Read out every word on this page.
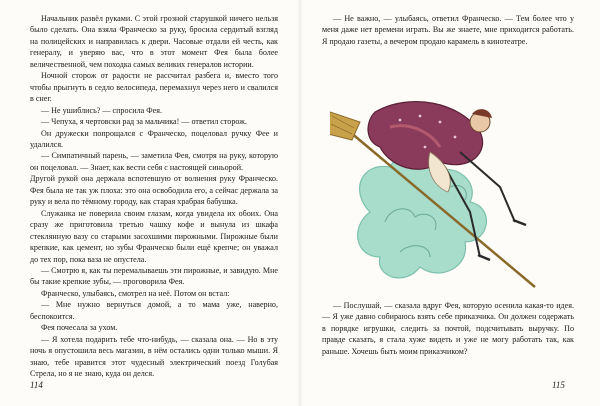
Начальник развёл руками. С этой грозной старушкой ничего нельзя было сделать. Она взяла Франческо за руку, бросила сердитый взгляд на полицейских и направилась к двери. Часовые отдали ей честь, как генералу, и уверяю вас, что в этот момент Фея была более величественной, чем походка самых великих генералов истории.

Ночной сторож от радости не рассчитал разбега и, вместо того чтобы прыгнуть в седло велосипеда, перемахнул через него и свалился в снег.

— Не ушиблись? — спросила Фея.

— Чепуха, я чертовски рад за мальчика! — ответил сторож.

Он дружески попрощался с Франческо, поцеловал ручку Фее и удалился.

— Симпатичный парень, — заметила Фея, смотря на руку, которую он поцеловал. — Знает, как вести себя с настоящей синьорой.

Другой рукой она держала вспотевшую от волнения руку Франческо. Фея была не так уж плоха: это она освободила его, а сейчас держала за руку и вела по тёмному городу, как старая храбрая бабушка.

Служанка не поверила своим глазам, когда увидела их обоих. Она сразу же приготовила третью чашку кофе и вынула из шкафа стеклянную вазу со старыми засохшими пирожными. Пирожные были крепкие, как цемент, но зубы Франческо были ещё крепче; он уважал до тех пор, пока ваза не опустела.

— Смотрю я, как ты перемалываешь эти пирожные, и завидую. Мне бы такие крепкие зубы, — проговорила Фея.

Франческо, улыбаясь, смотрел на неё. Потом он встал:

— Мне нужно вернуться домой, а то мама уже, наверно, беспокоится.

Фея почесала за ухом.

— Я хотела подарить тебе что-нибудь, — сказала она. — Но в эту ночь я опустошила весь магазин, в нём остались одни только мыши. Я знаю, тебе нравится этот чудесный электрический поезд Голубая Стрела, но я не знаю, куда он делся.

114

— Не важно, — улыбаясь, ответил Франческо. — Тем более что у меня даже нет времени играть. Вы же знаете, мне приходится работать. Я продаю газеты, а вечером продаю карамель в кинотеатре.

— Послушай, — сказала вдруг Фея, которую осенила какая-то идея. — Я уже давно собираюсь взять себе приказчика. Он должен содержать в порядке игрушки, следить за почтой, подсчитывать выручку. По правде сказать, я стала хуже видеть и уже не могу работать так, как раньше. Хочешь быть моим приказчиком?

115
